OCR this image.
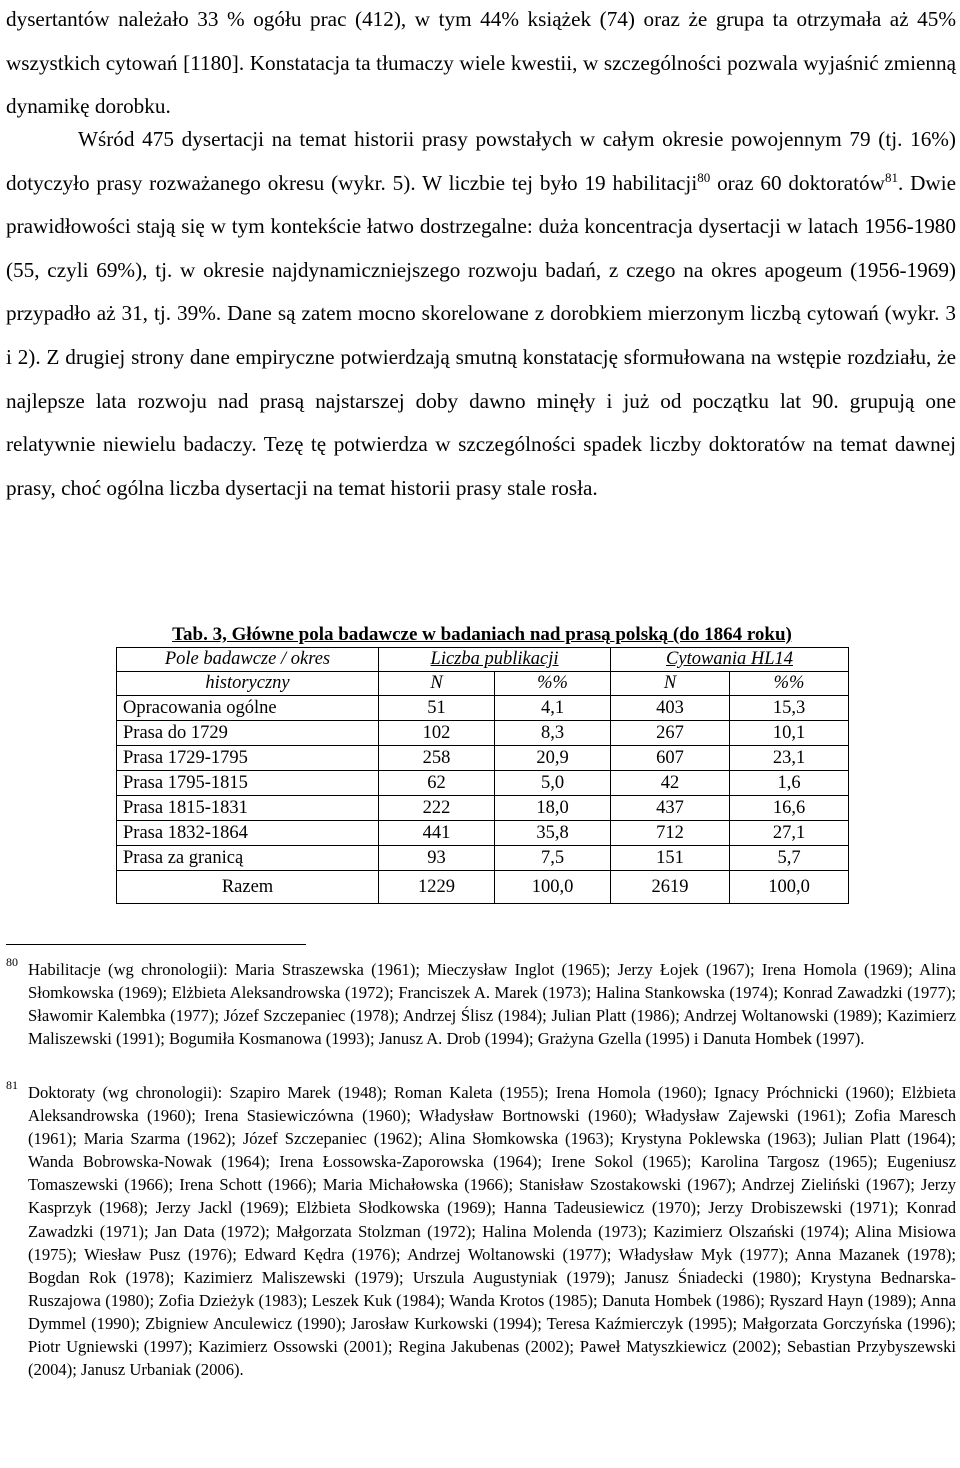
dysertantów należało 33 % ogółu prac (412), w tym 44% książek (74) oraz że grupa ta otrzymała aż 45% wszystkich cytowań [1180]. Konstatacja ta tłumaczy wiele kwestii, w szczególności pozwala wyjaśnić zmienną dynamikę dorobku.

Wśród 475 dysertacji na temat historii prasy powstałych w całym okresie powojennym 79 (tj. 16%) dotyczyło prasy rozważanego okresu (wykr. 5). W liczbie tej było 19 habilitacji$^{80}$ oraz 60 doktoratów$^{81}$. Dwie prawidłowości stają się w tym kontekście łatwo dostrzegalne: duża koncentracja dysertacji w latach 1956-1980 (55, czyli 69%), tj. w okresie najdynamiczniejszego rozwoju badań, z czego na okres apogeum (1956-1969) przypadło aż 31, tj. 39%. Dane są zatem mocno skorelowane z dorobkiem mierzonym liczbą cytowań (wykr. 3 i 2). Z drugiej strony dane empiryczne potwierdzają smutną konstatację sformułowana na wstępie rozdziału, że najlepsze lata rozwoju nad prasą najstarszej doby dawno minęły i już od początku lat 90. grupują one relatywnie niewielu badaczy. Tezę tę potwierdza w szczególności spadek liczby doktoratów na temat dawnej prasy, choć ogólna liczba dysertacji na temat historii prasy stale rosła.

Tab. 3, Główne pola badawcze w badaniach nad prasą polską (do 1864 roku)
Pole badawcze / okres	Liczba publikacji		Cytowania HL14	
historyczny	N	%%	N	%%
Opracowania ogólne	51	4,1	403	15,3
Prasa do 1729	102	8,3	267	10,1
Prasa 1729-1795	258	20,9	607	23,1
Prasa 1795-1815	62	5,0	42	1,6
Prasa 1815-1831	222	18,0	437	16,6
Prasa 1832-1864	441	35,8	712	27,1
Prasa za granicą	93	7,5	151	5,7
Razem	1229	100,0	2619	100,0
80 Habilitacje (wg chronologii): Maria Straszewska (1961); Mieczysław Inglot (1965); Jerzy Łojek (1967); Irena Homola (1969); Alina Słomkowska (1969); Elżbieta Aleksandrowska (1972); Franciszek A. Marek (1973); Halina Stankowska (1974); Konrad Zawadzki (1977); Sławomir Kalembka (1977); Józef Szczepaniec (1978); Andrzej Ślisz (1984); Julian Platt (1986); Andrzej Woltanowski (1989); Kazimierz Maliszewski (1991); Bogumiła Kosmanowa (1993); Janusz A. Drob (1994); Grażyna Gzella (1995) i Danuta Hombek (1997).
81 Doktoraty (wg chronologii): Szapiro Marek (1948); Roman Kaleta (1955); Irena Homola (1960); Ignacy Próchnicki (1960); Elżbieta Aleksandrowska (1960); Irena Stasiewiczówna (1960); Władysław Bortnowski (1960); Władysław Zajewski (1961); Zofia Maresch (1961); Maria Szarma (1962); Józef Szczepaniec (1962); Alina Słomkowska (1963); Krystyna Poklewska (1963); Julian Platt (1964); Wanda Bobrowska-Nowak (1964); Irena Łossowska-Zaporowska (1964); Irene Sokol (1965); Karolina Targosz (1965); Eugeniusz Tomaszewski (1966); Irena Schott (1966); Maria Michałowska (1966); Stanisław Szostakowski (1967); Andrzej Zieliński (1967); Jerzy Kasprzyk (1968); Jerzy Jackl (1969); Elżbieta Słodkowska (1969); Hanna Tadeusiewicz (1970); Jerzy Drobiszewski (1971); Konrad Zawadzki (1971); Jan Data (1972); Małgorzata Stolzman (1972); Halina Molenda (1973); Kazimierz Olszański (1974); Alina Misiowa (1975); Wiesław Pusz (1976); Edward Kędra (1976); Andrzej Woltanowski (1977); Władysław Myk (1977); Anna Mazanek (1978); Bogdan Rok (1978); Kazimierz Maliszewski (1979); Urszula Augustyniak (1979); Janusz Śniadecki (1980); Krystyna Bednarska-Ruszajowa (1980); Zofia Dzieżyk (1983); Leszek Kuk (1984); Wanda Krotos (1985); Danuta Hombek (1986); Ryszard Hayn (1989); Anna Dymmel (1990); Zbigniew Anculewicz (1990); Jarosław Kurkowski (1994); Teresa Kaźmierczyk (1995); Małgorzata Gorczyńska (1996); Piotr Ugniewski (1997); Kazimierz Ossowski (2001); Regina Jakubenas (2002); Paweł Matyszkiewicz (2002); Sebastian Przybyszewski (2004); Janusz Urbaniak (2006).
